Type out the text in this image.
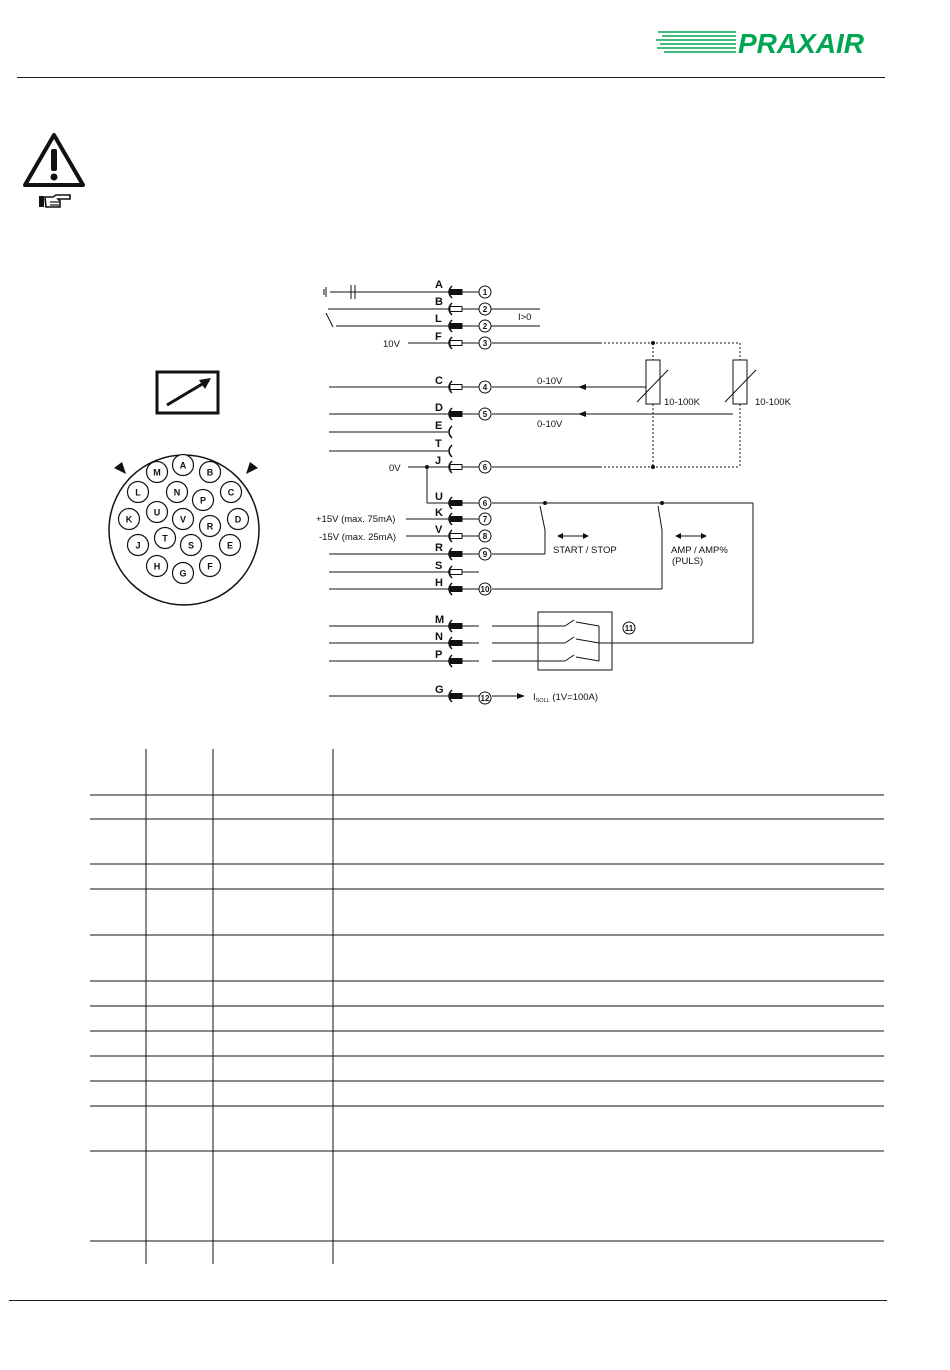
PRAXAIR
A
B
C
D
E
F
G
H
J
K
L
M
N
P
R
S
T
U
V
A
B
L
F
C
D
E
T
J
U
K
V
R
S
H
M
N
P
G
1
2
2
3
4
5
6
6
7
8
9
10
11
12
I>0
10V
0-10V
0-10V
10-100K	10-100K
0V
+15V (max. 75mA)
-15V (max. 25mA)
START / STOP	AMP / AMP%
(PULS)
$I_{SOLL}$ (1V=100A)
